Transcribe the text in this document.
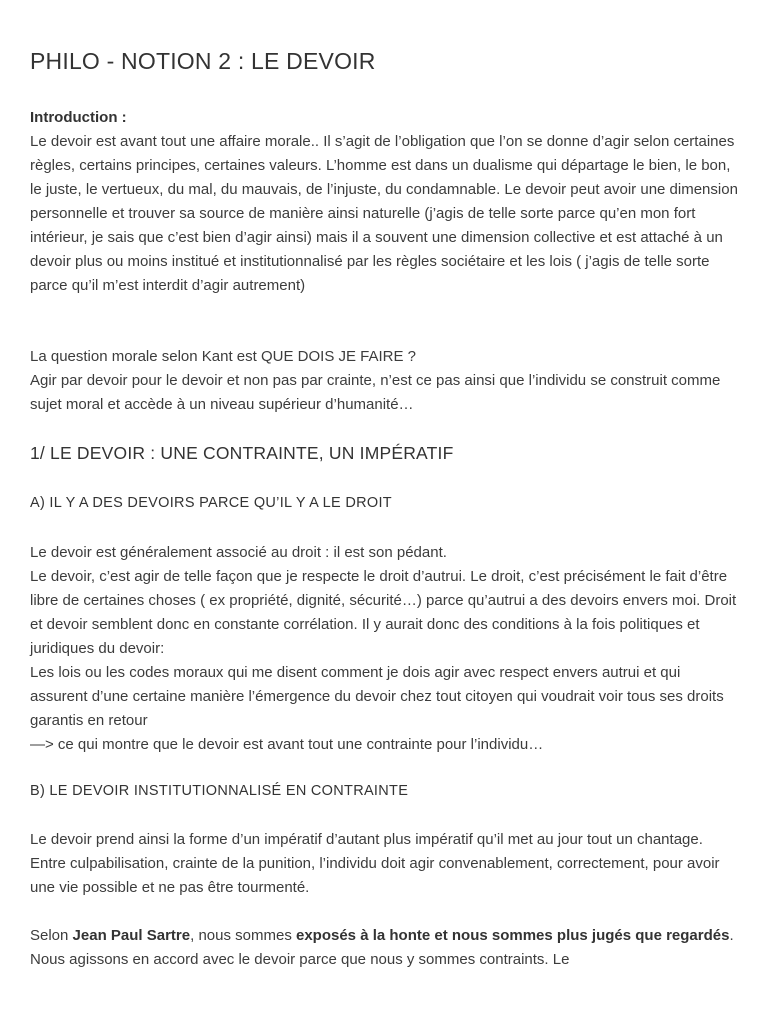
PHILO - NOTION 2 : LE DEVOIR

Introduction :

Le devoir est avant tout une affaire morale.. Il s’agit de l’obligation que l’on se donne d’agir selon certaines règles, certains principes, certaines valeurs. L’homme est dans un dualisme qui départage le bien, le bon, le juste, le vertueux, du mal, du mauvais, de l’injuste, du condamnable. Le devoir peut avoir une dimension personnelle et trouver sa source de manière ainsi naturelle (j’agis de telle sorte parce qu’en mon fort intérieur, je sais que c’est bien d’agir ainsi) mais il a souvent une dimension collective et est attaché à un devoir plus ou moins institué et institutionnalisé par les règles sociétaire et les lois ( j’agis de telle sorte parce qu’il m’est interdit d’agir autrement)

La question morale selon Kant est QUE DOIS JE FAIRE ?

Agir par devoir pour le devoir et non pas par crainte, n’est ce pas ainsi que l’individu se construit comme sujet moral et accède à un niveau supérieur d’humanité…

1/ LE DEVOIR : UNE CONTRAINTE, UN IMPÉRATIF
A) IL Y A DES DEVOIRS PARCE QU’IL Y A LE DROIT

Le devoir est généralement associé au droit : il est son pédant.

Le devoir, c’est agir de telle façon que je respecte le droit d’autrui. Le droit, c’est précisément le fait d’être libre de certaines choses ( ex propriété, dignité, sécurité…) parce qu’autrui a des devoirs envers moi. Droit et devoir semblent donc en constante corrélation. Il y aurait donc des conditions à la fois politiques et juridiques du devoir:

Les lois ou les codes moraux qui me disent comment je dois agir avec respect envers autrui et qui assurent d’une certaine manière l’émergence du devoir chez tout citoyen qui voudrait voir tous ses droits garantis en retour

—> ce qui montre que le devoir est avant tout une contrainte pour l’individu…

B) LE DEVOIR INSTITUTIONNALISÉ EN CONTRAINTE

Le devoir prend ainsi la forme d’un impératif d’autant plus impératif qu’il met au jour tout un chantage. Entre culpabilisation, crainte de la punition, l’individu doit agir convenablement, correctement, pour avoir une vie possible et ne pas être tourmenté.

Selon Jean Paul Sartre, nous sommes exposés à la honte et nous sommes plus jugés que regardés. Nous agissons en accord avec le devoir parce que nous y sommes contraints. Le
